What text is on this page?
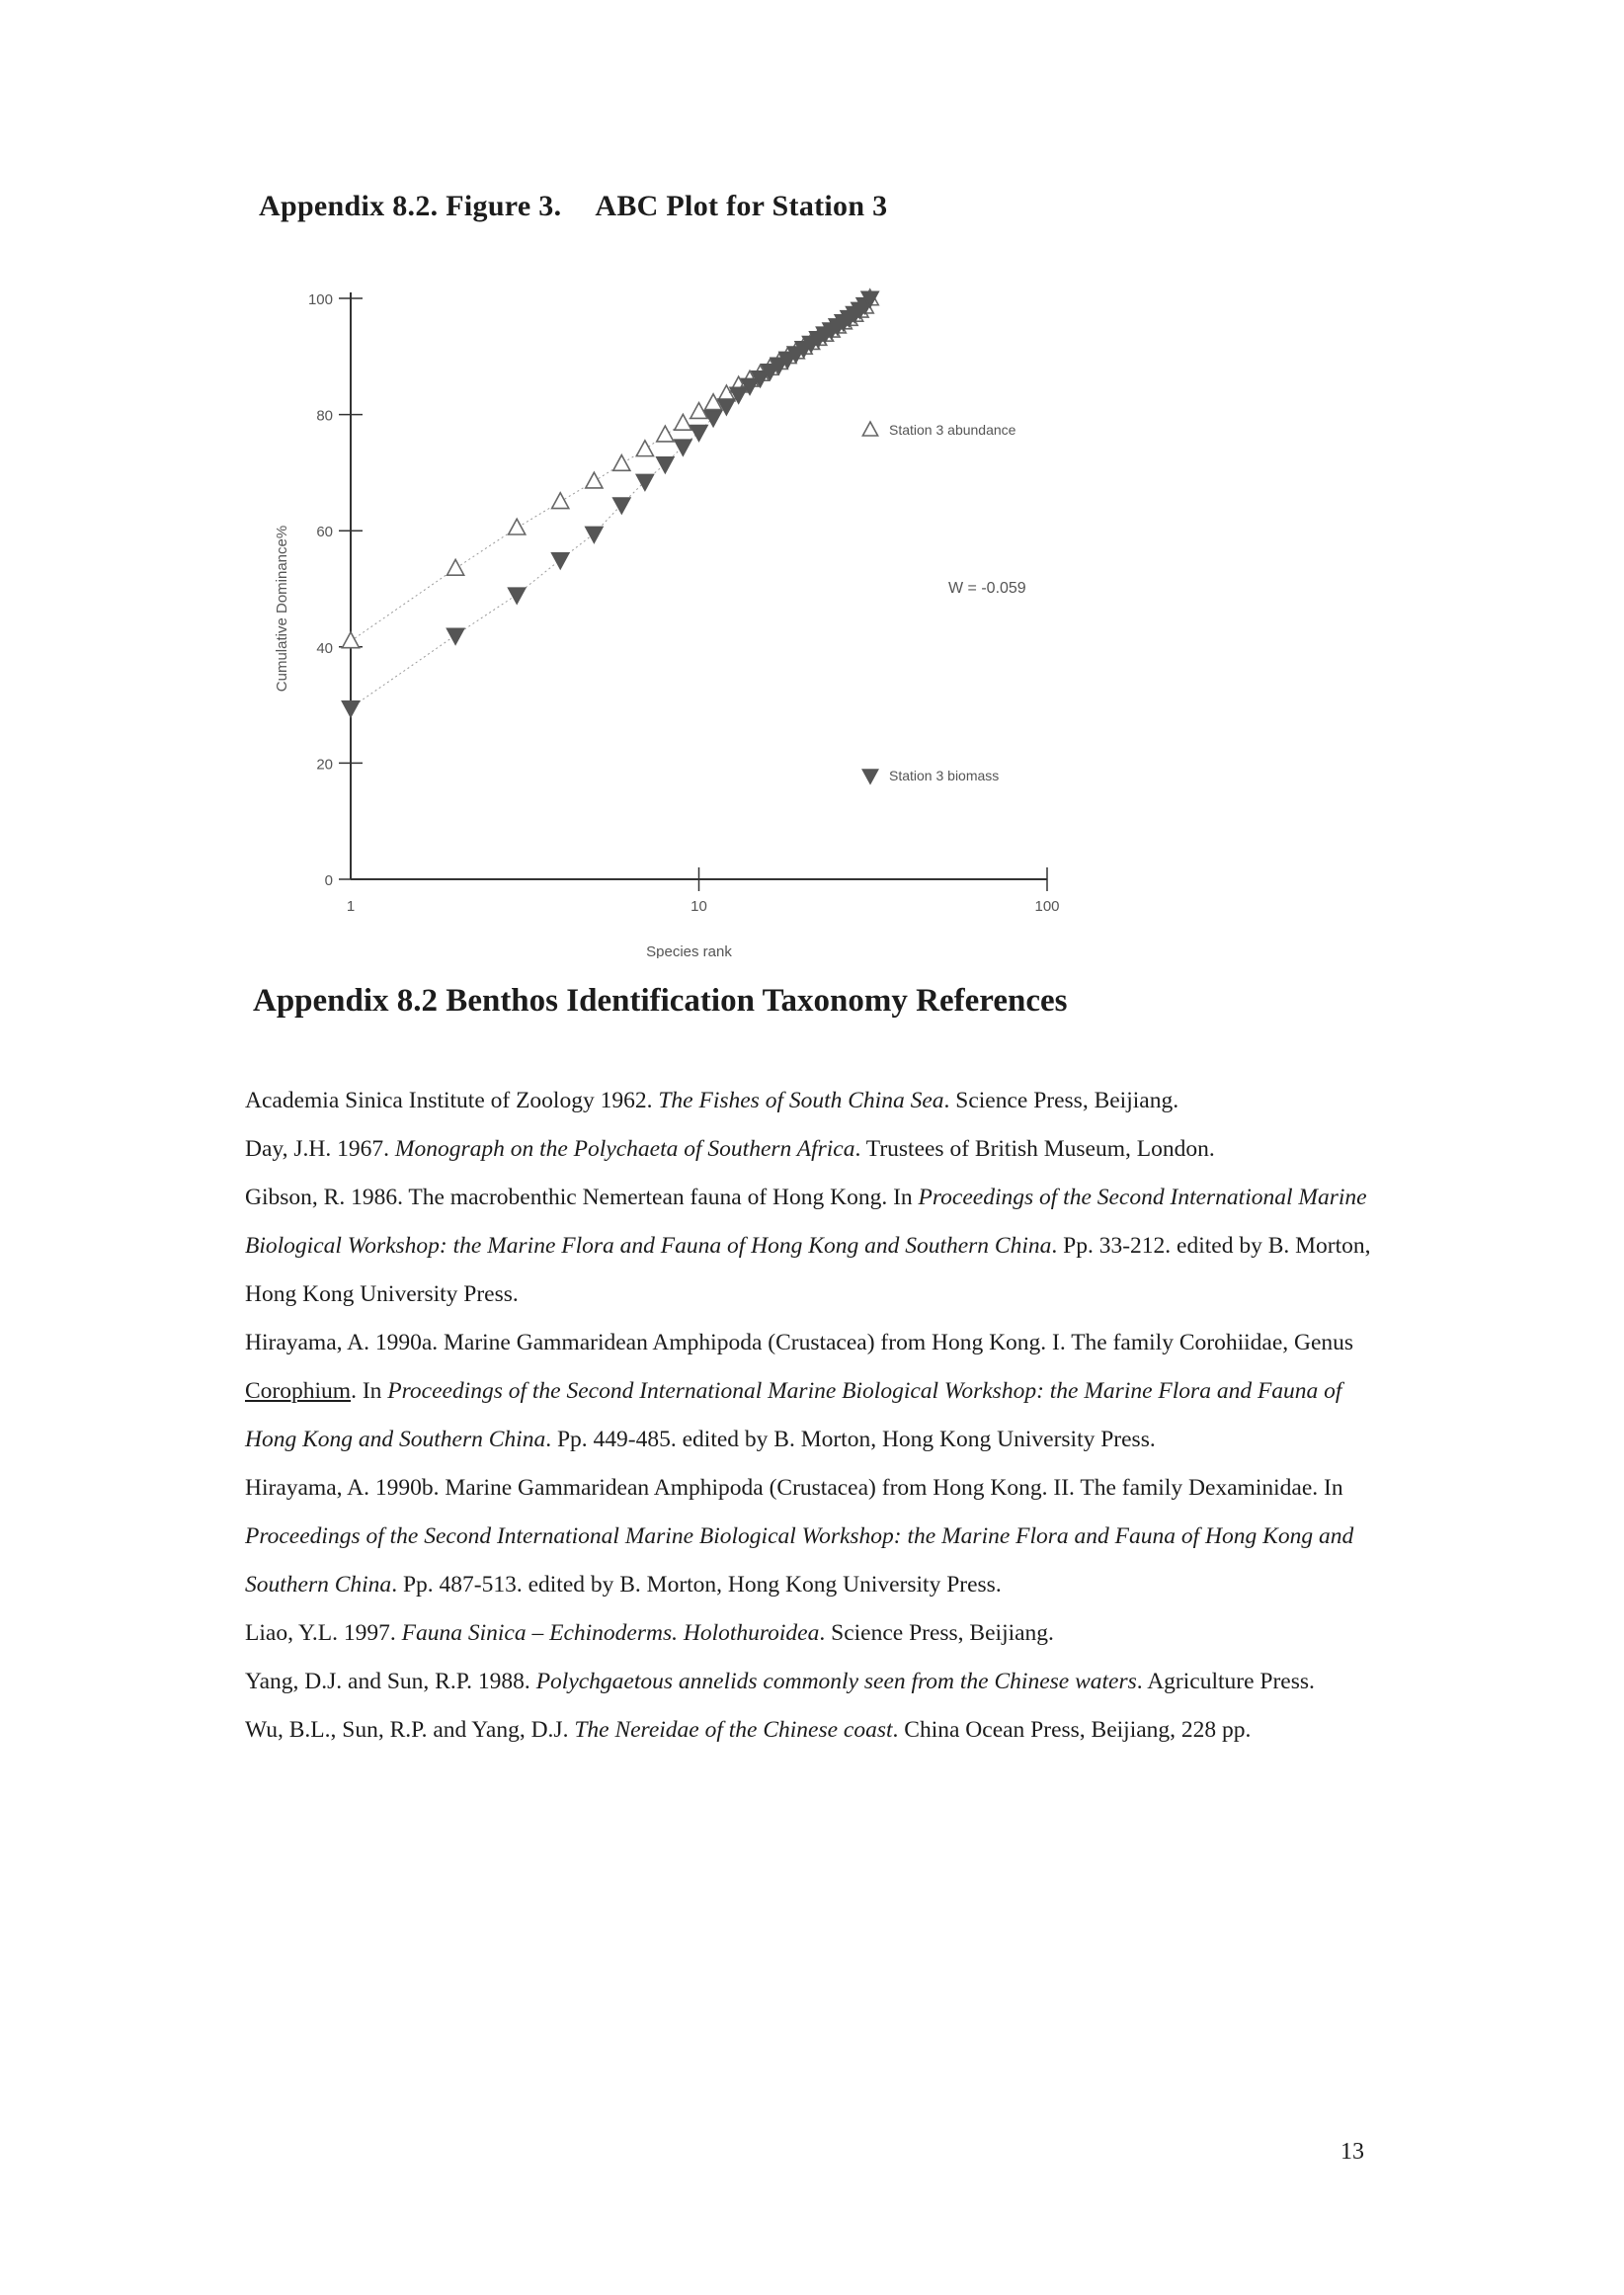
Appendix 8.2. Figure 3. ABC Plot for Station 3
0
20
40
60
80
100
1	10	100
Species rank
Cumulative Dominance%	W = -0.059
Station 3 abundance
Station 3 biomass
Appendix 8.2 Benthos Identification Taxonomy References

Academia Sinica Institute of Zoology 1962. The Fishes of South China Sea. Science Press, Beijiang.

Day, J.H. 1967. Monograph on the Polychaeta of Southern Africa. Trustees of British Museum, London.

Gibson, R. 1986. The macrobenthic Nemertean fauna of Hong Kong. In Proceedings of the Second International Marine Biological Workshop: the Marine Flora and Fauna of Hong Kong and Southern China. Pp. 33-212. edited by B. Morton, Hong Kong University Press.

Hirayama, A. 1990a. Marine Gammaridean Amphipoda (Crustacea) from Hong Kong. I. The family Corohiidae, Genus Corophium. In Proceedings of the Second International Marine Biological Workshop: the Marine Flora and Fauna of Hong Kong and Southern China. Pp. 449-485. edited by B. Morton, Hong Kong University Press.

Hirayama, A. 1990b. Marine Gammaridean Amphipoda (Crustacea) from Hong Kong. II. The family Dexaminidae. In Proceedings of the Second International Marine Biological Workshop: the Marine Flora and Fauna of Hong Kong and Southern China. Pp. 487-513. edited by B. Morton, Hong Kong University Press.

Liao, Y.L. 1997. Fauna Sinica – Echinoderms. Holothuroidea. Science Press, Beijiang.

Yang, D.J. and Sun, R.P. 1988. Polychgaetous annelids commonly seen from the Chinese waters. Agriculture Press.

Wu, B.L., Sun, R.P. and Yang, D.J. The Nereidae of the Chinese coast. China Ocean Press, Beijiang, 228 pp.

13
